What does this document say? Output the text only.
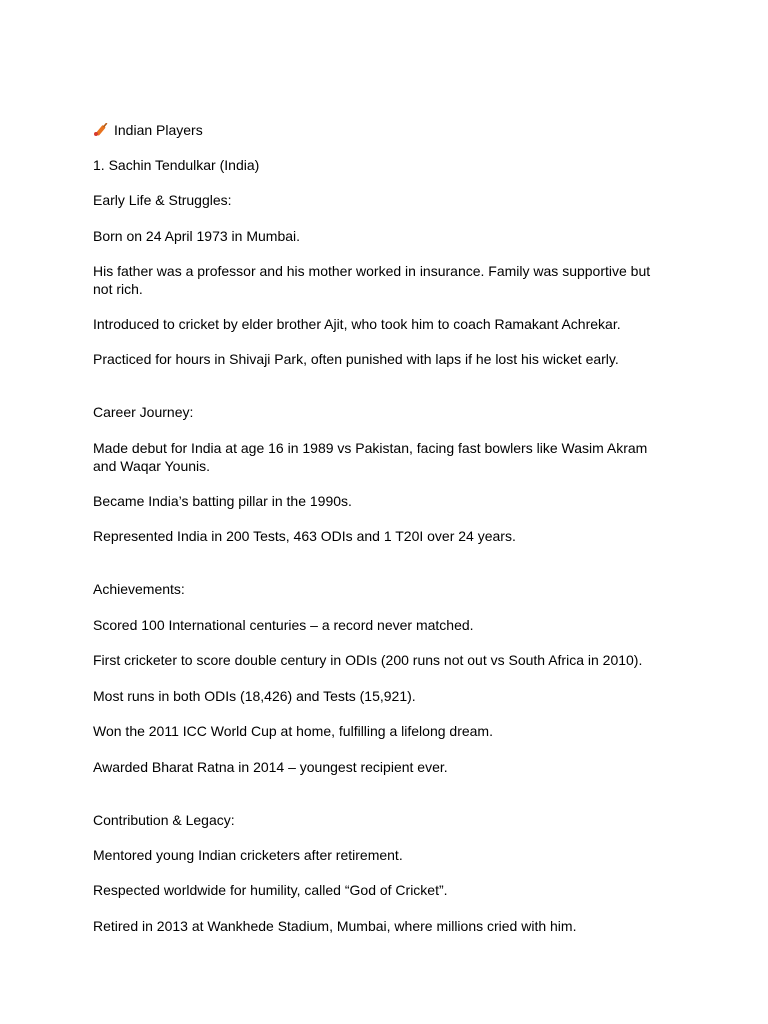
Indian Players
1. Sachin Tendulkar (India)
Early Life & Struggles:
Born on 24 April 1973 in Mumbai.
His father was a professor and his mother worked in insurance. Family was supportive but not rich.
Introduced to cricket by elder brother Ajit, who took him to coach Ramakant Achrekar.
Practiced for hours in Shivaji Park, often punished with laps if he lost his wicket early.
Career Journey:
Made debut for India at age 16 in 1989 vs Pakistan, facing fast bowlers like Wasim Akram and Waqar Younis.
Became India’s batting pillar in the 1990s.
Represented India in 200 Tests, 463 ODIs and 1 T20I over 24 years.
Achievements:
Scored 100 International centuries – a record never matched.
First cricketer to score double century in ODIs (200 runs not out vs South Africa in 2010).
Most runs in both ODIs (18,426) and Tests (15,921).
Won the 2011 ICC World Cup at home, fulfilling a lifelong dream.
Awarded Bharat Ratna in 2014 – youngest recipient ever.
Contribution & Legacy:
Mentored young Indian cricketers after retirement.
Respected worldwide for humility, called “God of Cricket”.
Retired in 2013 at Wankhede Stadium, Mumbai, where millions cried with him.
